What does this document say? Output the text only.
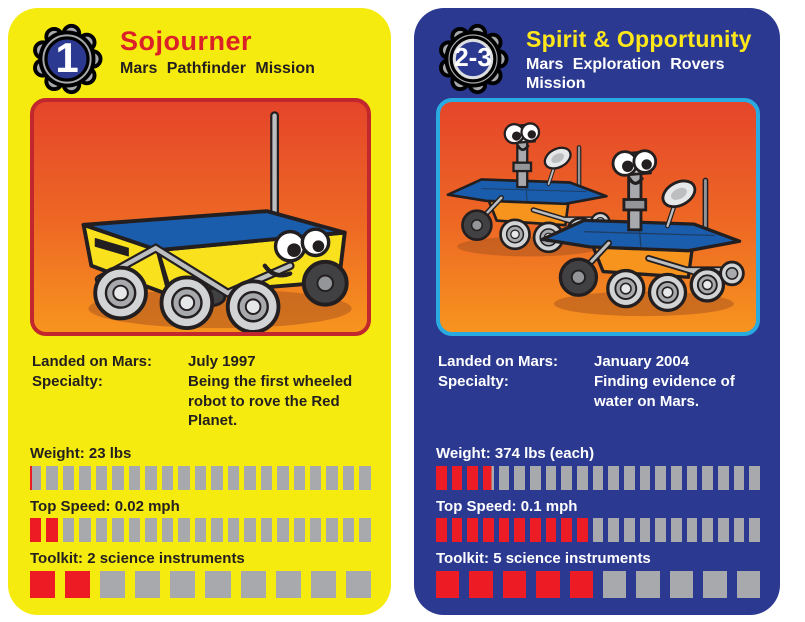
1	Sojourner
Mars Pathfinder Mission
Landed on Mars:	July 1997
Specialty:	Being the first wheeled robot to rove the Red Planet.
Weight: 23 lbs
Top Speed: 0.02 mph
Toolkit: 2 science instruments
2-3
Spirit & Opportunity
Mars Exploration Rovers Mission
Landed on Mars:	January 2004
Specialty:	Finding evidence of water on Mars.
Weight: 374 lbs (each)
Top Speed: 0.1 mph
Toolkit: 5 science instruments
